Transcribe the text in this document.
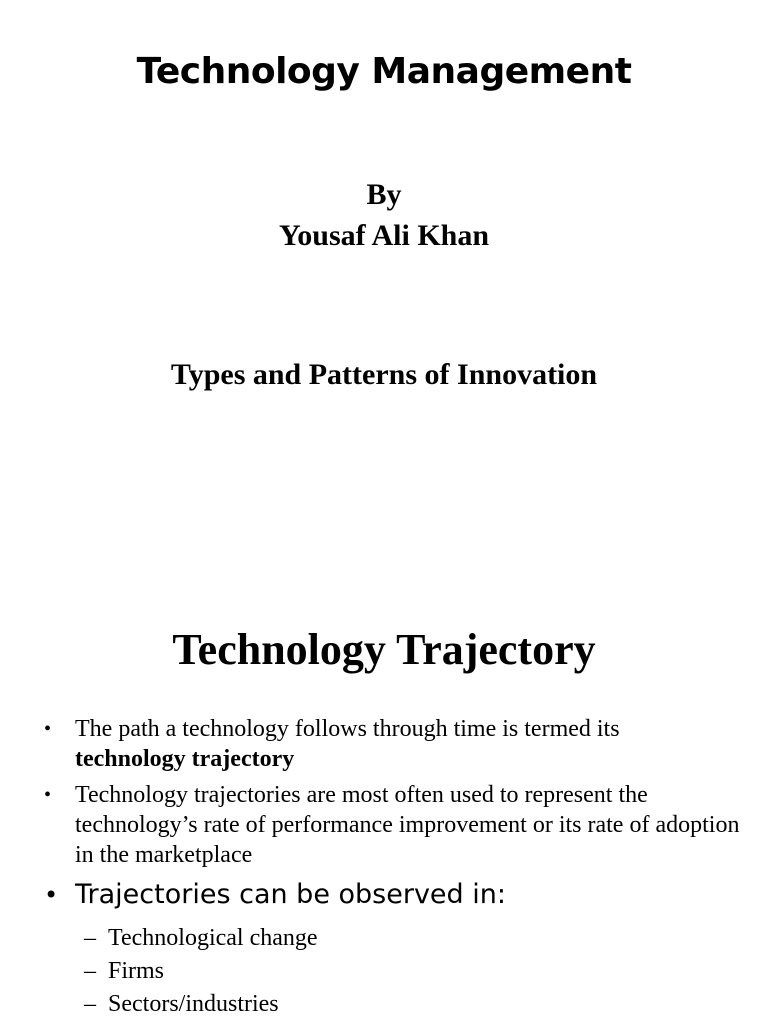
Technology Management
By
Yousaf Ali Khan
Types and Patterns of Innovation
Technology Trajectory
• The path a technology follows through time is termed its
technology trajectory
• Technology trajectories are most often used to represent the technology’s rate of performance improvement or its rate of adoption in the marketplace
• Trajectories can be observed in:
– Technological change
– Firms
– Sectors/industries
